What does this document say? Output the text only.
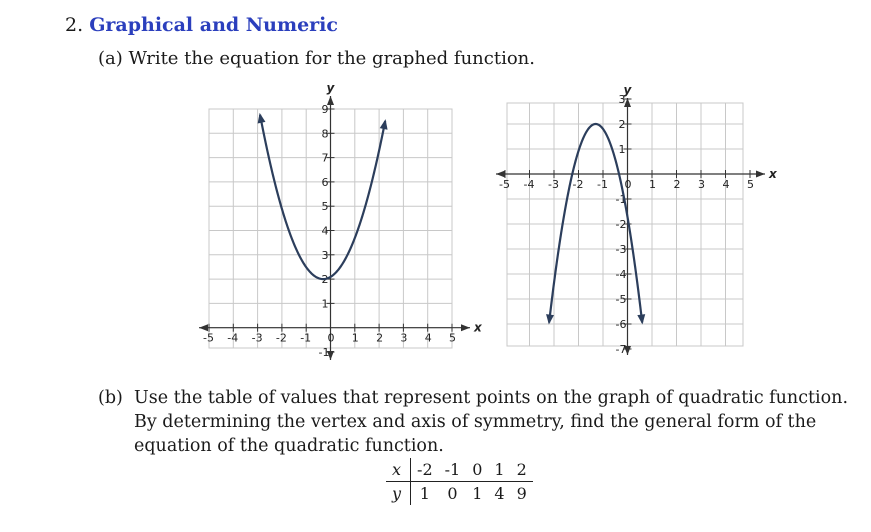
2. Graphical and Numeric
(a) Write the equation for the graphed function.
x
y
-5 -4 -3 -2 -1 0 1 2 3 4 5
9
8
7
6
5
4
3
2
1
-1
x
y
-5 -4 -3 -2 -1 0 1 2 3 4 5
3
2
1
-1
-2
-3
-4
-5
-6
-7
(b) Use the table of values that represent points on the graph of quadratic function. By determining the vertex and axis of symmetry, find the general form of the equation of the quadratic function.
x	-2	-1	0	1	2
y	1	0	1	4	9
